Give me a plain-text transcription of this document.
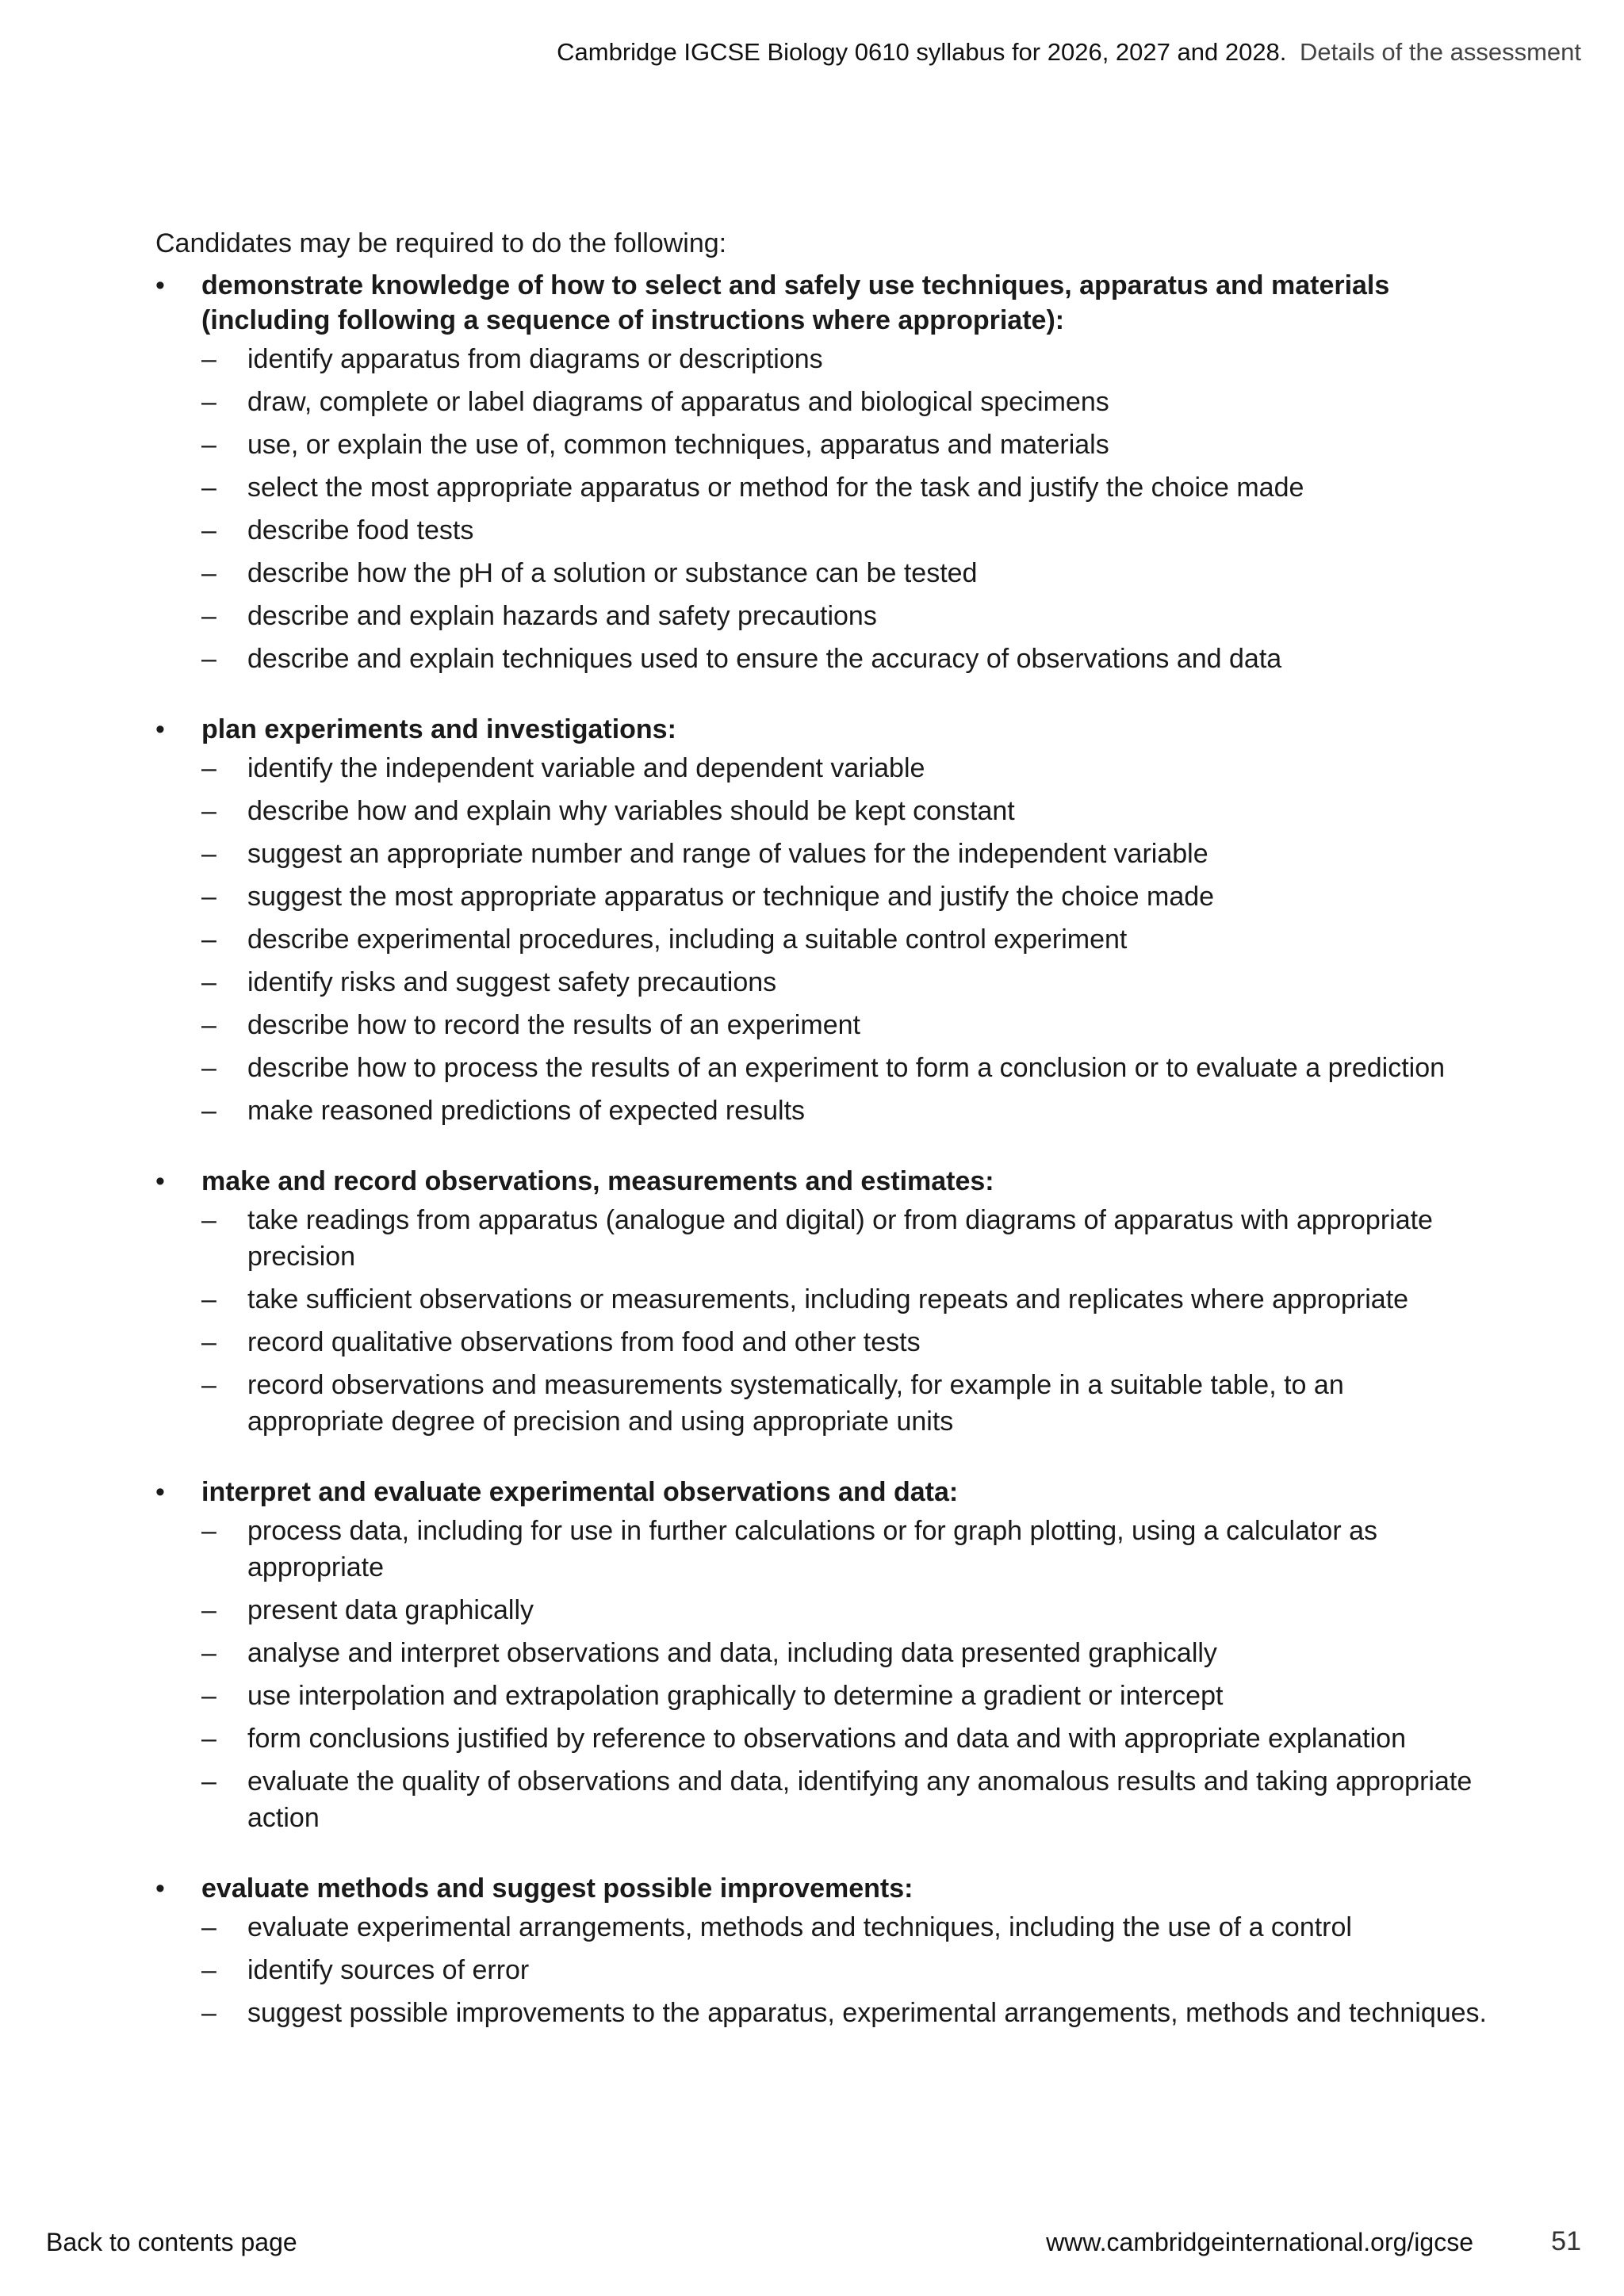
Cambridge IGCSE Biology 0610 syllabus for 2026, 2027 and 2028. Details of the assessment

Candidates may be required to do the following:

•	demonstrate knowledge of how to select and safely use techniques, apparatus and materials (including following a sequence of instructions where appropriate):
–	identify apparatus from diagrams or descriptions
–	draw, complete or label diagrams of apparatus and biological specimens
–	use, or explain the use of, common techniques, apparatus and materials
–	select the most appropriate apparatus or method for the task and justify the choice made
–	describe food tests
–	describe how the pH of a solution or substance can be tested
–	describe and explain hazards and safety precautions
–	describe and explain techniques used to ensure the accuracy of observations and data
•	plan experiments and investigations:
–	identify the independent variable and dependent variable
–	describe how and explain why variables should be kept constant
–	suggest an appropriate number and range of values for the independent variable
–	suggest the most appropriate apparatus or technique and justify the choice made
–	describe experimental procedures, including a suitable control experiment
–	identify risks and suggest safety precautions
–	describe how to record the results of an experiment
–	describe how to process the results of an experiment to form a conclusion or to evaluate a prediction
–	make reasoned predictions of expected results
•	make and record observations, measurements and estimates:
–	take readings from apparatus (analogue and digital) or from diagrams of apparatus with appropriate precision
–	take sufficient observations or measurements, including repeats and replicates where appropriate
–	record qualitative observations from food and other tests
–	record observations and measurements systematically, for example in a suitable table, to an appropriate degree of precision and using appropriate units
•	interpret and evaluate experimental observations and data:
–	process data, including for use in further calculations or for graph plotting, using a calculator as appropriate
–	present data graphically
–	analyse and interpret observations and data, including data presented graphically
–	use interpolation and extrapolation graphically to determine a gradient or intercept
–	form conclusions justified by reference to observations and data and with appropriate explanation
–	evaluate the quality of observations and data, identifying any anomalous results and taking appropriate action
•	evaluate methods and suggest possible improvements:
–	evaluate experimental arrangements, methods and techniques, including the use of a control
–	identify sources of error
–	suggest possible improvements to the apparatus, experimental arrangements, methods and techniques.
Back to contents page	www.cambridgeinternational.org/igcse	51
